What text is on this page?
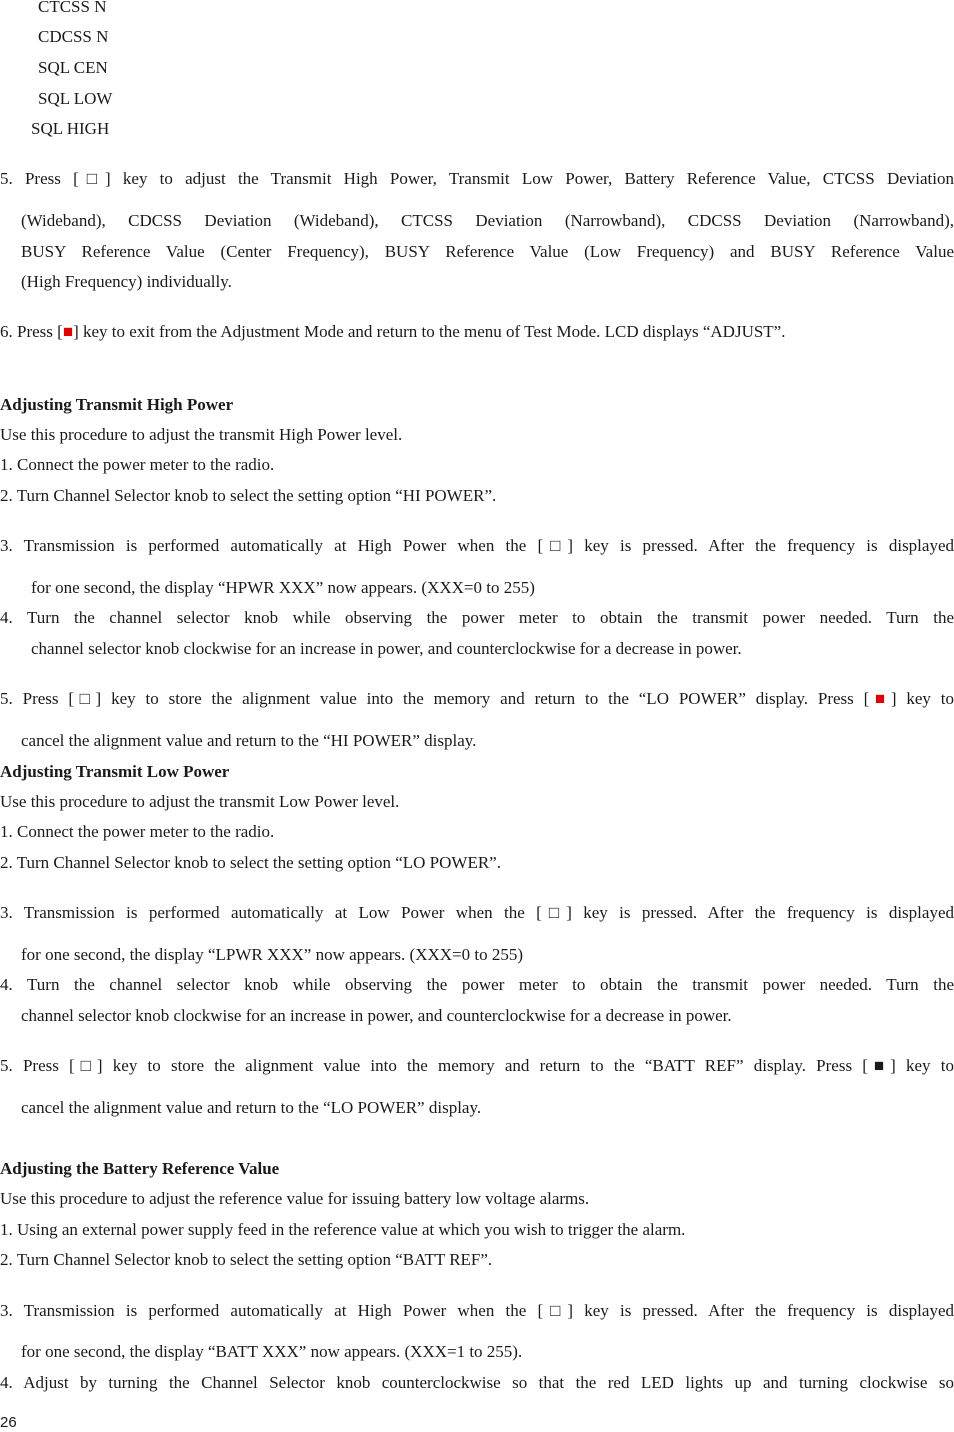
CTCSS N
CDCSS N
SQL CEN
SQL LOW
SQL HIGH
5. Press [□] key to adjust the Transmit High Power, Transmit Low Power, Battery Reference Value, CTCSS Deviation
(Wideband), CDCSS Deviation (Wideband), CTCSS Deviation (Narrowband), CDCSS Deviation (Narrowband),
BUSY Reference Value (Center Frequency), BUSY Reference Value (Low Frequency) and BUSY Reference Value
(High Frequency) individually.
6. Press [■] key to exit from the Adjustment Mode and return to the menu of Test Mode. LCD displays “ADJUST”.
Adjusting Transmit High Power
Use this procedure to adjust the transmit High Power level.
1. Connect the power meter to the radio.
2. Turn Channel Selector knob to select the setting option “HI POWER”.
3. Transmission is performed automatically at High Power when the [□] key is pressed. After the frequency is displayed
for one second, the display “HPWR XXX” now appears. (XXX=0 to 255)
4. Turn the channel selector knob while observing the power meter to obtain the transmit power needed. Turn the
channel selector knob clockwise for an increase in power, and counterclockwise for a decrease in power.
5. Press [□] key to store the alignment value into the memory and return to the “LO POWER” display. Press [■] key to
cancel the alignment value and return to the “HI POWER” display.
Adjusting Transmit Low Power
Use this procedure to adjust the transmit Low Power level.
1. Connect the power meter to the radio.
2. Turn Channel Selector knob to select the setting option “LO POWER”.
3. Transmission is performed automatically at Low Power when the [□] key is pressed. After the frequency is displayed
for one second, the display “LPWR XXX” now appears. (XXX=0 to 255)
4. Turn the channel selector knob while observing the power meter to obtain the transmit power needed. Turn the
channel selector knob clockwise for an increase in power, and counterclockwise for a decrease in power.
5. Press [□] key to store the alignment value into the memory and return to the “BATT REF” display. Press [■] key to
cancel the alignment value and return to the “LO POWER” display.
Adjusting the Battery Reference Value
Use this procedure to adjust the reference value for issuing battery low voltage alarms.
1. Using an external power supply feed in the reference value at which you wish to trigger the alarm.
2. Turn Channel Selector knob to select the setting option “BATT REF”.
3. Transmission is performed automatically at High Power when the [□] key is pressed. After the frequency is displayed
for one second, the display “BATT XXX” now appears. (XXX=1 to 255).
4. Adjust by turning the Channel Selector knob counterclockwise so that the red LED lights up and turning clockwise so
26
